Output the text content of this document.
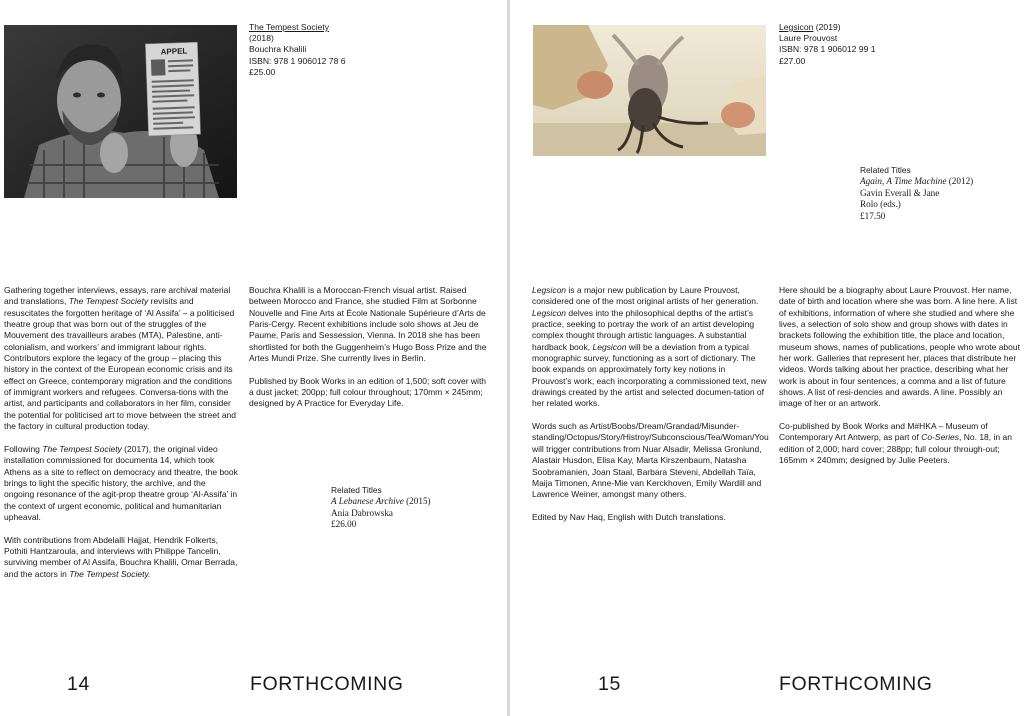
APPEL
The Tempest Society
(2018)
Bouchra Khalili
ISBN: 978 1 906012 78 6
£25.00

Gathering together interviews, essays, rare archival material and translations, The Tempest Society revisits and resuscitates the forgotten heritage of ‘Al Assifa’ – a politicised theatre group that was born out of the struggles of the Mouvement des travailleurs arabes (MTA), Palestine, anti-colonialism, and workers’ and immigrant labour rights. Contributors explore the legacy of the group – placing this history in the context of the European economic crisis and its effect on Greece, contemporary migration and the conditions of immigrant workers and refugees. Conversa-tions with the artist, and participants and collaborators in her film, consider the potential for politicised art to move between the street and the factory in cultural production today.

Following The Tempest Society (2017), the original video installation commissioned for documenta 14, which took Athens as a site to reflect on democracy and theatre, the book brings to light the specific history, the archive, and the ongoing resonance of the agit-prop theatre group ‘Al-Assifa’ in the context of urgent economic, political and humanitarian upheaval.

With contributions from Abdelalli Hajjat, Hendrik Folkerts, Pothiti Hantzaroula, and interviews with Philippe Tancelin, surviving member of Al Assifa, Bouchra Khalili, Omar Berrada, and the actors in The Tempest Society.

Bouchra Khalili is a Moroccan-French visual artist. Raised between Morocco and France, she studied Film at Sorbonne Nouvelle and Fine Arts at École Nationale Supérieure d’Arts de Paris-Cergy. Recent exhibitions include solo shows at Jeu de Paume, Paris and Sessession, Vienna. In 2018 she has been shortlisted for both the Guggenheim’s Hugo Boss Prize and the Artes Mundi Prize. She currently lives in Berlin.

Published by Book Works in an edition of 1,500; soft cover with a dust jacket; 200pp; full colour throughout; 170mm × 245mm; designed by A Practice for Everyday Life.

Related Titles
A Lebanese Archive (2015)
Ania Dabrowska
£26.00
14	FORTHCOMING
Legsicon (2019)
Laure Prouvost
ISBN: 978 1 906012 99 1
£27.00
Related Titles
Again, A Time Machine (2012)
Gavin Everall & Jane
Rolo (eds.)
£17.50

Legsicon is a major new publication by Laure Prouvost, considered one of the most original artists of her generation. Legsicon delves into the philosophical depths of the artist’s practice, seeking to portray the work of an artist developing complex thought through artistic languages. A substantial hardback book, Legsicon will be a deviation from a typical monographic survey, functioning as a sort of dictionary. The book expands on approximately forty key notions in Prouvost’s work, each incorporating a commissioned text, new drawings created by the artist and selected documen-tation of her related works.

Words such as Artist/Boobs/Dream/Grandad/Misunder-standing/Octopus/Story/Histroy/Subconscious/Tea/Woman/You will trigger contributions from Nuar Alsadir, Melissa Gronlund, Alastair Husdon, Elisa Kay, Marta Kirszenbaum, Natasha Soobramanien, Joan Staal, Barbara Steveni, Abdellah Taïa, Maija Timonen, Anne-Mie van Kerckhoven, Emily Wardill and Lawrence Weiner, amongst many others.

Edited by Nav Haq, English with Dutch translations.

Here should be a biography about Laure Prouvost. Her name, date of birth and location where she was born. A line here. A list of exhibitions, information of where she studied and where she lives, a selection of solo show and group shows with dates in brackets following the exhibition title, the place and location, museum shows, names of publications, people who wrote about her work. Galleries that represent her, places that distribute her videos. Words talking about her practice, describing what her work is about in four sentences, a comma and a list of future shows. A list of resi-dencies and awards. A line. Possibly an image of her or an artwork.

Co-published by Book Works and M#HKA – Museum of Contemporary Art Antwerp, as part of Co-Series, No. 18, in an edition of 2,000; hard cover; 288pp; full colour through-out; 165mm × 240mm; designed by Julie Peeters.

15	FORTHCOMING
